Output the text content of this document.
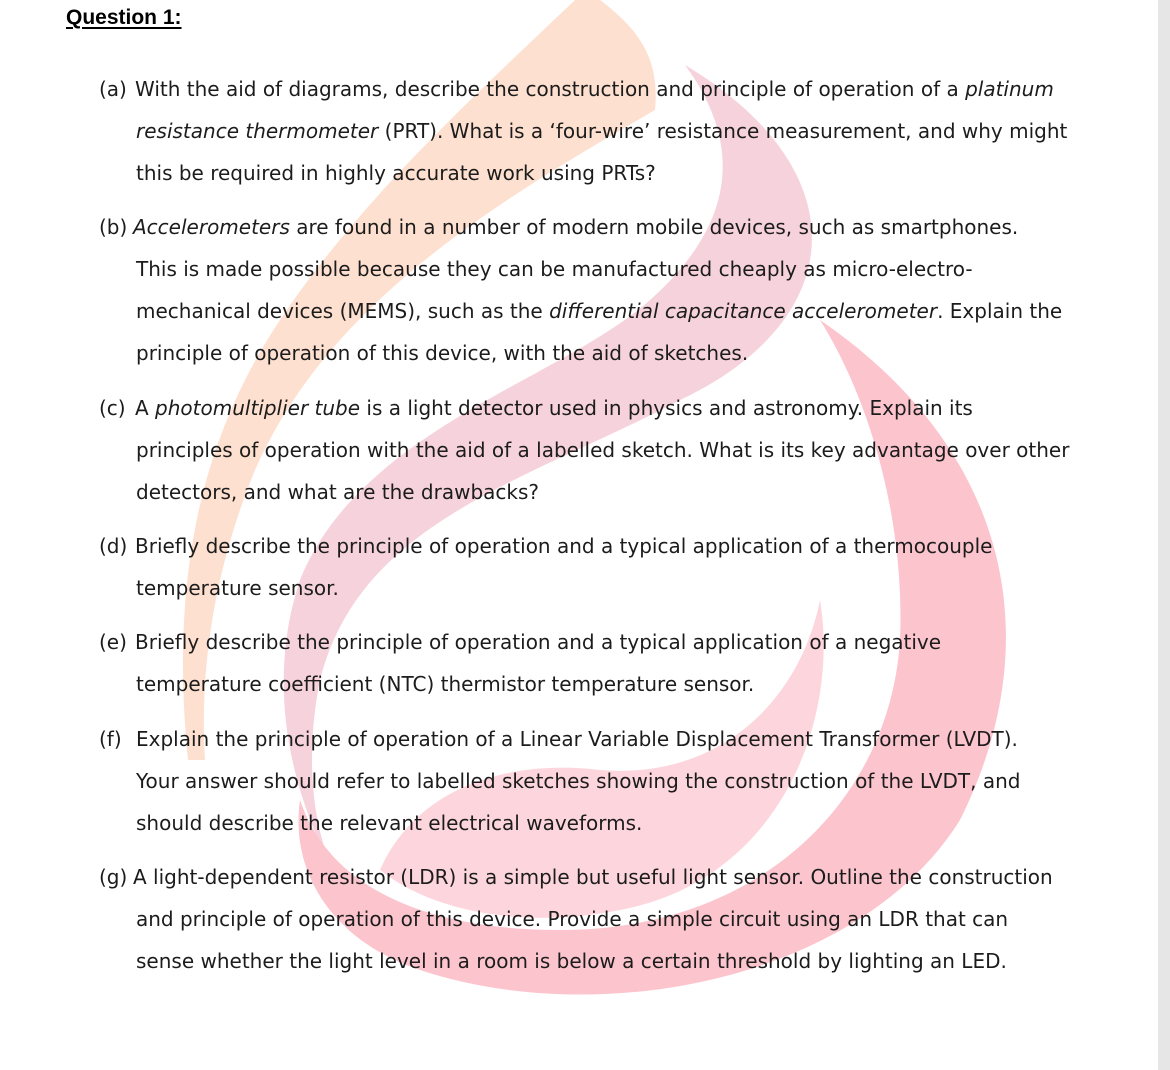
Question 1:
(a) With the aid of diagrams, describe the construction and principle of operation of a platinum
resistance thermometer (PRT). What is a ‘four-wire’ resistance measurement, and why might
this be required in highly accurate work using PRTs?
(b) Accelerometers are found in a number of modern mobile devices, such as smartphones.
This is made possible because they can be manufactured cheaply as micro-electro-
mechanical devices (MEMS), such as the differential capacitance accelerometer. Explain the
principle of operation of this device, with the aid of sketches.
(c) A photomultiplier tube is a light detector used in physics and astronomy. Explain its
principles of operation with the aid of a labelled sketch. What is its key advantage over other
detectors, and what are the drawbacks?
(d) Briefly describe the principle of operation and a typical application of a thermocouple
temperature sensor.
(e) Briefly describe the principle of operation and a typical application of a negative
temperature coefficient (NTC) thermistor temperature sensor.
(f) Explain the principle of operation of a Linear Variable Displacement Transformer (LVDT).
Your answer should refer to labelled sketches showing the construction of the LVDT, and
should describe the relevant electrical waveforms.
(g) A light-dependent resistor (LDR) is a simple but useful light sensor. Outline the construction
and principle of operation of this device. Provide a simple circuit using an LDR that can
sense whether the light level in a room is below a certain threshold by lighting an LED.
